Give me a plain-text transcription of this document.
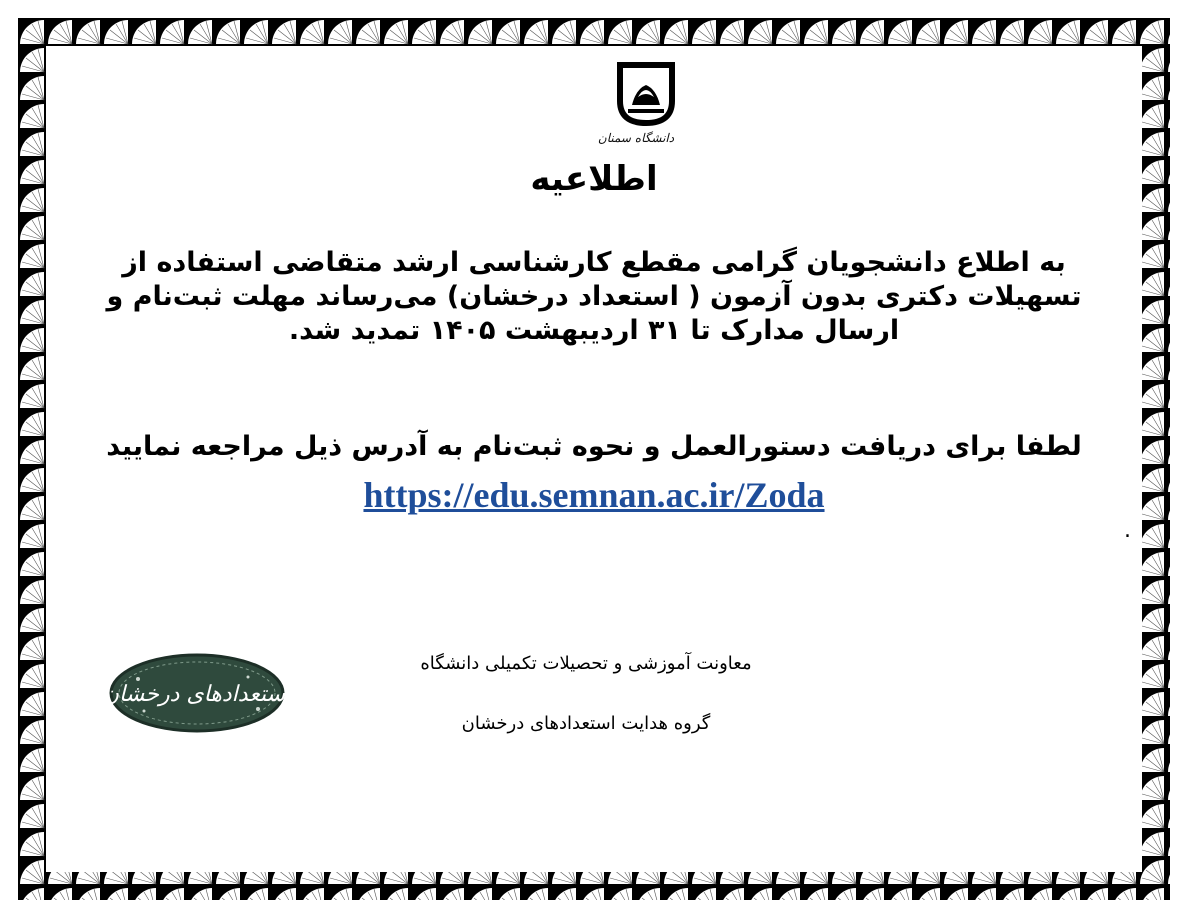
دانشگاه سمنان
اطلاعیه
به اطلاع دانشجویان گرامی مقطع کارشناسی ارشد متقاضی استفاده از
تسهیلات دکتری بدون آزمون ( استعداد درخشان) می‌رساند مهلت ثبت‌نام و
ارسال مدارک تا ۳۱ اردیبهشت ۱۴۰۵ تمدید شد.
لطفا برای دریافت دستورالعمل و نحوه ثبت‌نام به آدرس ذیل مراجعه نمایید
https://edu.semnan.ac.ir/Zoda
.
معاونت آموزشی و تحصیلات تکمیلی دانشگاه
گروه هدایت استعدادهای درخشان
استعدادهای درخشان
